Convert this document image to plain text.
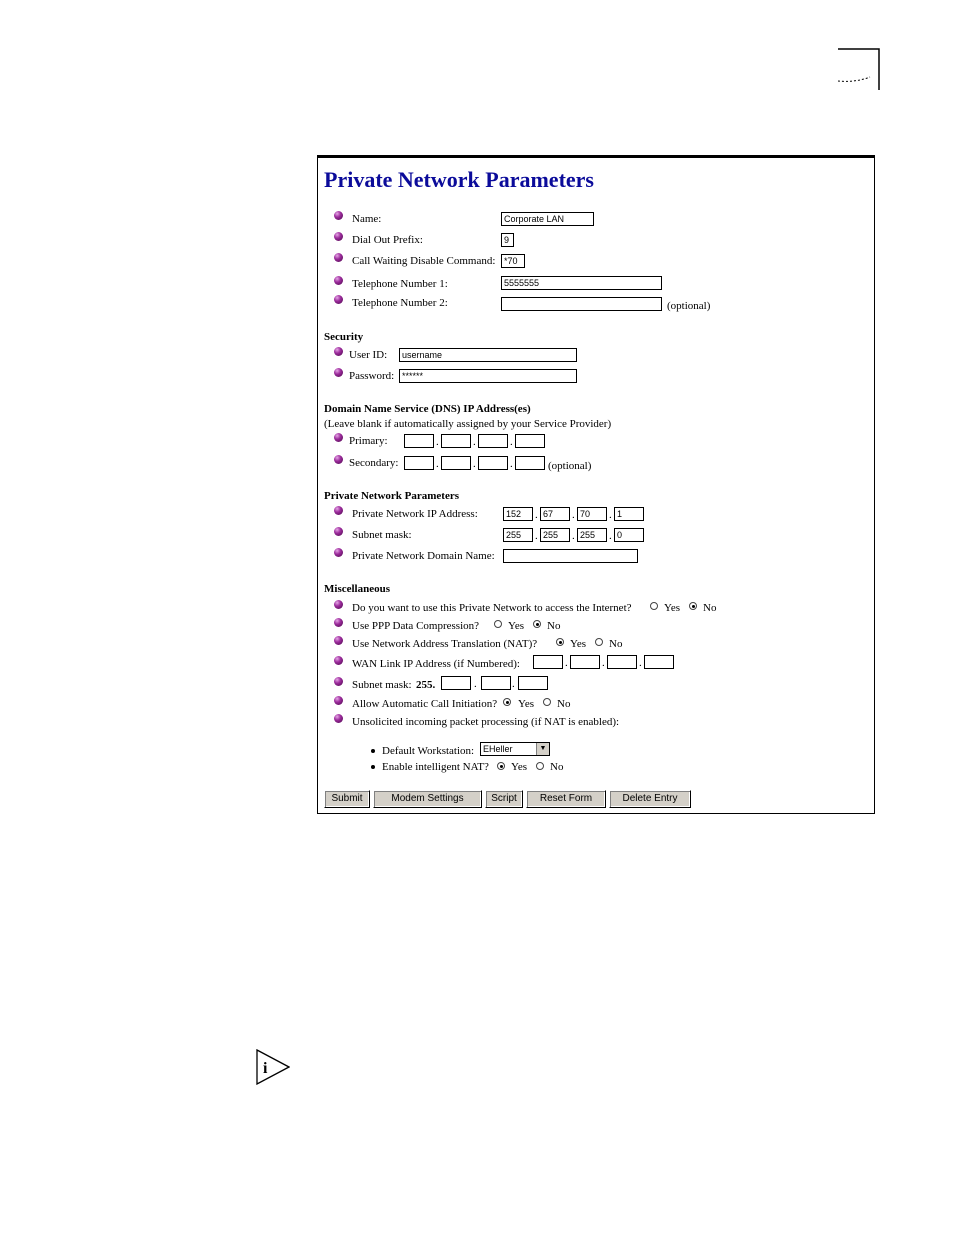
Private Network Parameters
Name:	Corporate LAN
Dial Out Prefix:	9
Call Waiting Disable Command: *70
Telephone Number 1:	5555555
Telephone Number 2:	(optional)
Security
User ID:	username
Password: ******
Domain Name Service (DNS) IP Address(es)
(Leave blank if automatically assigned by your Service Provider)
Primary:	.	.	.
Secondary:	.	.	.	(optional)
Private Network Parameters
Private Network IP Address:	152	. 67	. 70	. 1
Subnet mask:	255	. 255	. 255	. 0
Private Network Domain Name:
Miscellaneous
Do you want to use this Private Network to access the Internet?	Yes No
Use PPP Data Compression?	Yes No
Use Network Address Translation (NAT)?	Yes No
WAN Link IP Address (if Numbered):	.	.	.
Subnet mask: 255.	.	.
Allow Automatic Call Initiation? Yes No
Unsolicited incoming packet processing (if NAT is enabled):
Default Workstation: EHeller	▼
Enable intelligent NAT? Yes No
Submit	Modem Settings	Script	Reset Form	Delete Entry
i
